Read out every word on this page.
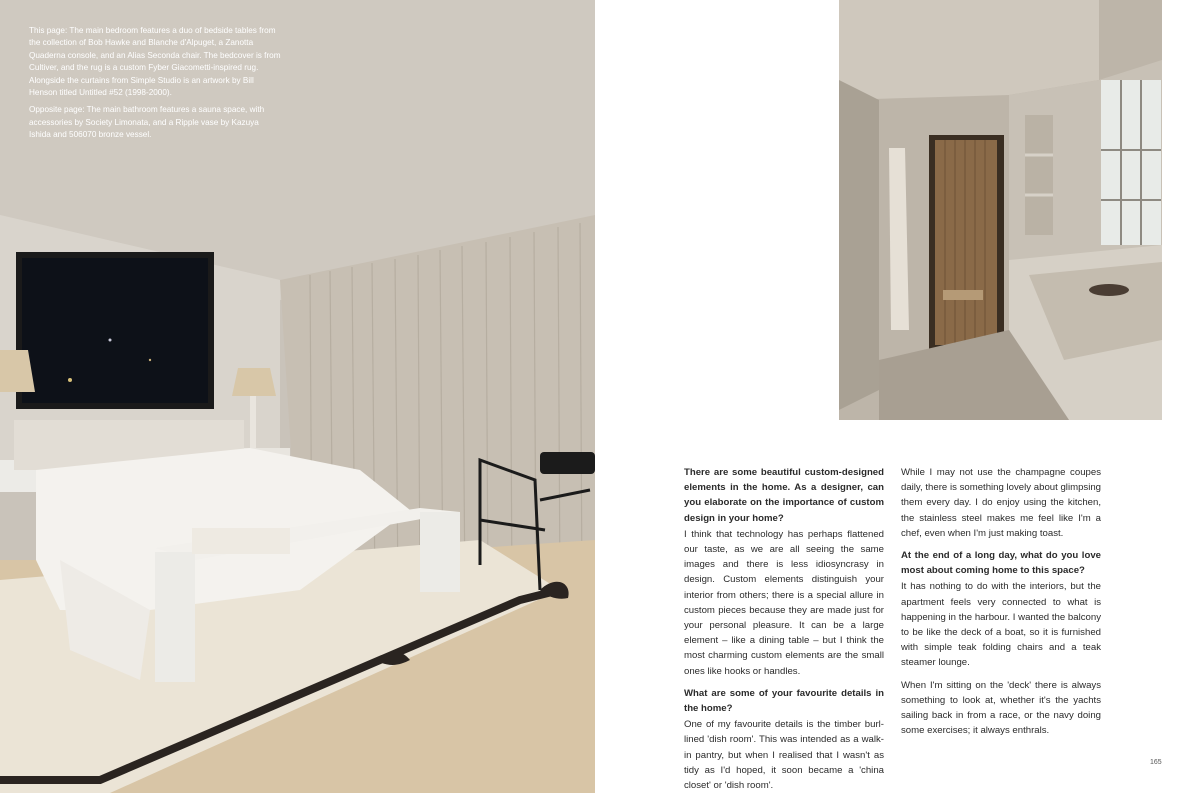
This page: The main bedroom features a duo of bedside tables from the collection of Bob Hawke and Blanche d'Alpuget, a Zanotta Quaderna console, and an Alias Seconda chair. The bedcover is from Cultiver, and the rug is a custom Fyber Giacometti-inspired rug. Alongside the curtains from Simple Studio is an artwork by Bill Henson titled Untitled #52 (1998-2000).

Opposite page: The main bathroom features a sauna space, with accessories by Society Limonata, and a Ripple vase by Kazuya Ishida and 506070 bronze vessel.

There are some beautiful custom-designed elements in the home. As a designer, can you elaborate on the importance of custom design in your home?

I think that technology has perhaps flattened our taste, as we are all seeing the same images and there is less idiosyncrasy in design. Custom elements distinguish your interior from others; there is a special allure in custom pieces because they are made just for your personal pleasure. It can be a large element – like a dining table – but I think the most charming custom elements are the small ones like hooks or handles.

What are some of your favourite details in the home?

One of my favourite details is the timber burl-lined 'dish room'. This was intended as a walk-in pantry, but when I realised that I wasn't as tidy as I'd hoped, it soon became a 'china closet' or 'dish room'.

While I may not use the champagne coupes daily, there is something lovely about glimpsing them every day. I do enjoy using the kitchen, the stainless steel makes me feel like I'm a chef, even when I'm just making toast.

At the end of a long day, what do you love most about coming home to this space?

It has nothing to do with the interiors, but the apartment feels very connected to what is happening in the harbour. I wanted the balcony to be like the deck of a boat, so it is furnished with simple teak folding chairs and a teak steamer lounge.

When I'm sitting on the 'deck' there is always something to look at, whether it's the yachts sailing back in from a race, or the navy doing some exercises; it always enthrals.

165
